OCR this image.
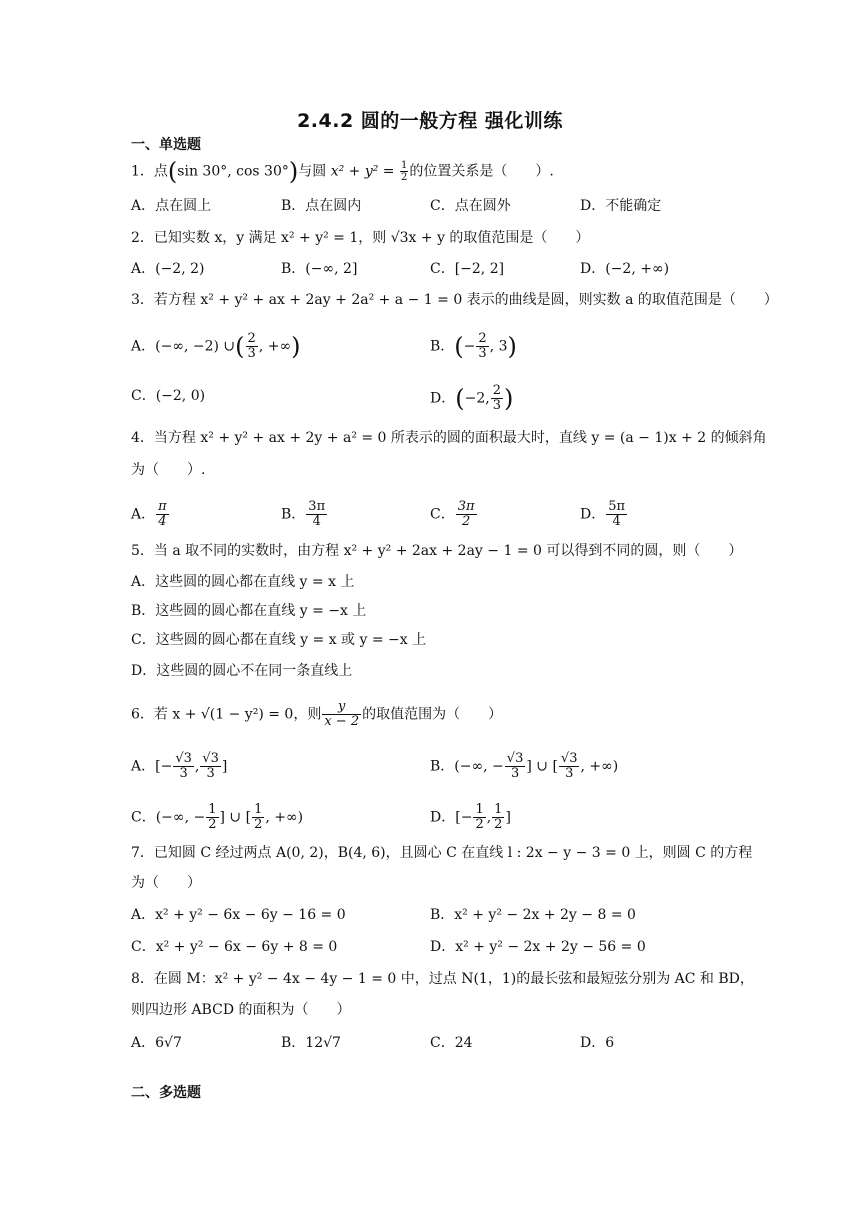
2.4.2 圆的一般方程 强化训练
一、单选题
1．点(sin 30°, cos 30°)与圆 $x^2 + y^2 = \frac{1}{2}$ 的位置关系是（　　）.
A．点在圆上	B．点在圆内	C．点在圆外	D．不能确定
2．已知实数 x，y 满足 x² + y² = 1，则 √3x + y 的取值范围是（　　）
A．(−2, 2)	B．(−∞, 2]	C．[−2, 2]	D．(−2, +∞)
3．若方程 x² + y² + ax + 2ay + 2a² + a − 1 = 0 表示的曲线是圆，则实数 a 的取值范围是（　　）
A．(−∞, −2) ∪( $\frac{2}{3}$ , +∞)	B．(− $\frac{2}{3}$ , 3)
C．(−2, 0)	D．(−2, $\frac{2}{3}$ )
4．当方程 x² + y² + ax + 2y + a² = 0 所表示的圆的面积最大时，直线 y = (a − 1)x + 2 的倾斜角
为（　　）.
A． $\frac{\pi}{4}$	B． $\frac{3\pi}{4}$	C． $\frac{3\pi}{2}$	D． $\frac{5\pi}{4}$
5．当 a 取不同的实数时，由方程 x² + y² + 2ax + 2ay − 1 = 0 可以得到不同的圆，则（　　）
A．这些圆的圆心都在直线 y = x 上
B．这些圆的圆心都在直线 y = −x 上
C．这些圆的圆心都在直线 y = x 或 y = −x 上
D．这些圆的圆心不在同一条直线上
6．若 x + √(1 − y²) = 0，则 $\frac{y}{x - 2}$ 的取值范围为（　　）
A．[− $\frac{√3}{3}$ , $\frac{√3}{3}$ ]	B．(−∞, − $\frac{√3}{3}$ ] ∪ [ $\frac{√3}{3}$ , +∞)
C．(−∞, − $\frac{1}{2}$ ] ∪ [ $\frac{1}{2}$ , +∞)	D．[− $\frac{1}{2}$ , $\frac{1}{2}$ ]
7．已知圆 C 经过两点 A(0, 2)，B(4, 6)，且圆心 C 在直线 l : 2x − y − 3 = 0 上，则圆 C 的方程
为（　　）
A．x² + y² − 6x − 6y − 16 = 0	B．x² + y² − 2x + 2y − 8 = 0
C．x² + y² − 6x − 6y + 8 = 0	D．x² + y² − 2x + 2y − 56 = 0
8．在圆 M：x² + y² − 4x − 4y − 1 = 0 中，过点 N(1，1)的最长弦和最短弦分别为 AC 和 BD，
则四边形 ABCD 的面积为（　　）
A．6√7	B．12√7	C．24	D．6
二、多选题
